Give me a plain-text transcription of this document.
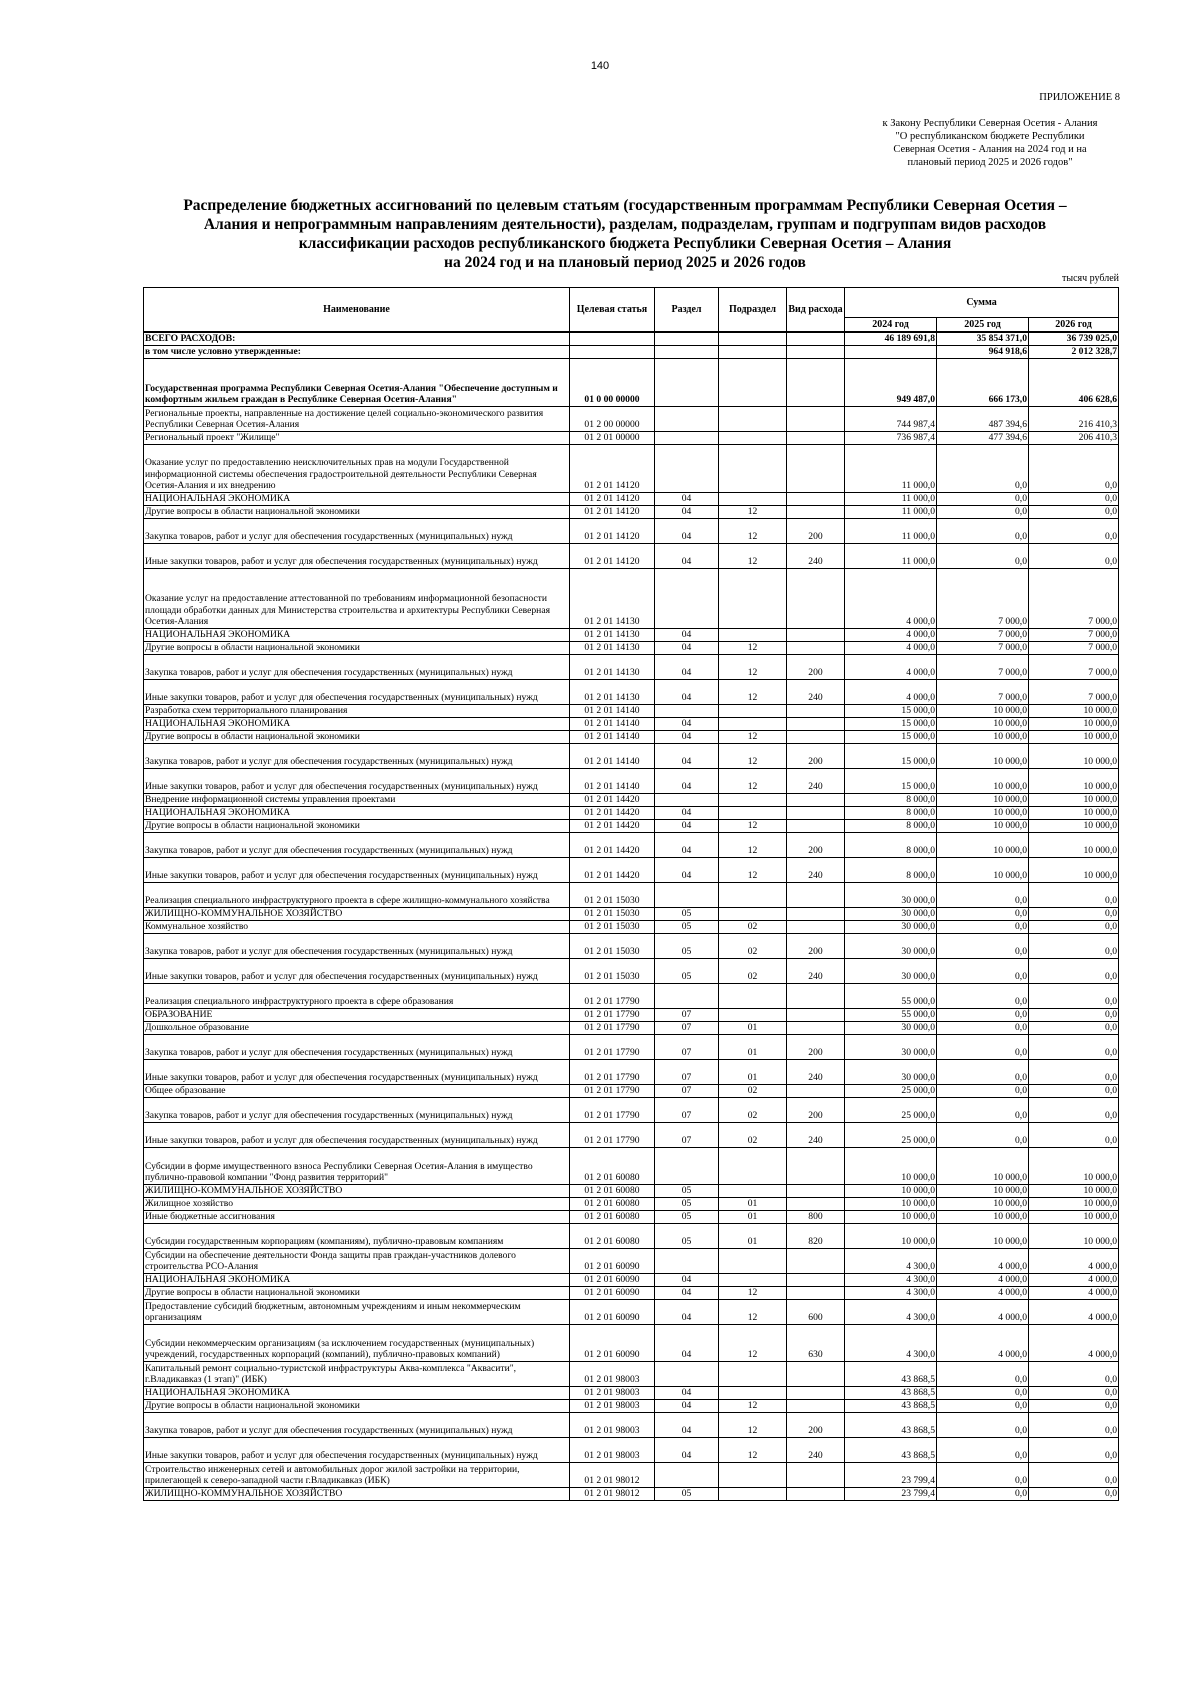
140
ПРИЛОЖЕНИЕ 8
к Закону Республики Северная Осетия - Алания
"О республиканском бюджете Республики
Северная Осетия - Алания на 2024 год и на
плановый период 2025 и 2026 годов"
Распределение бюджетных ассигнований по целевым статьям (государственным программам Республики Северная Осетия –
Алания и непрограммным направлениям деятельности), разделам, подразделам, группам и подгруппам видов расходов
классификации расходов республиканского бюджета Республики Северная Осетия – Алания
на 2024 год и на плановый период 2025 и 2026 годов
тысяч рублей
Наименование	Целевая статья	Раздел	Подраздел	Вид расхода	Сумма		
					2024 год	2025 год	2026 год
ВСЕГО РАСХОДОВ:					46 189 691,8	35 854 371,0	36 739 025,0
в том числе условно утвержденные:						964 918,6	2 012 328,7
Государственная программа Республики Северная Осетия-Алания "Обеспечение доступным и комфортным жильем граждан в Республике Северная Осетия-Алания"	01 0 00 00000				949 487,0	666 173,0	406 628,6
Региональные проекты, направленные на достижение целей социально-экономического развития Республики Северная Осетия-Алания	01 2 00 00000				744 987,4	487 394,6	216 410,3
Региональный проект "Жилище"	01 2 01 00000				736 987,4	477 394,6	206 410,3
Оказание услуг по предоставлению неисключительных прав на модули Государственной информационной системы обеспечения градостроительной деятельности Республики Северная Осетия-Алания и их внедрению	01 2 01 14120				11 000,0	0,0	0,0
НАЦИОНАЛЬНАЯ ЭКОНОМИКА	01 2 01 14120	04			11 000,0	0,0	0,0
Другие вопросы в области национальной экономики	01 2 01 14120	04	12		11 000,0	0,0	0,0
Закупка товаров, работ и услуг для обеспечения государственных (муниципальных) нужд	01 2 01 14120	04	12	200	11 000,0	0,0	0,0
Иные закупки товаров, работ и услуг для обеспечения государственных (муниципальных) нужд	01 2 01 14120	04	12	240	11 000,0	0,0	0,0
Оказание услуг на предоставление аттестованной по требованиям информационной безопасности площади обработки данных для Министерства строительства и архитектуры Республики Северная Осетия-Алания	01 2 01 14130				4 000,0	7 000,0	7 000,0
НАЦИОНАЛЬНАЯ ЭКОНОМИКА	01 2 01 14130	04			4 000,0	7 000,0	7 000,0
Другие вопросы в области национальной экономики	01 2 01 14130	04	12		4 000,0	7 000,0	7 000,0
Закупка товаров, работ и услуг для обеспечения государственных (муниципальных) нужд	01 2 01 14130	04	12	200	4 000,0	7 000,0	7 000,0
Иные закупки товаров, работ и услуг для обеспечения государственных (муниципальных) нужд	01 2 01 14130	04	12	240	4 000,0	7 000,0	7 000,0
Разработка схем территориального планирования	01 2 01 14140				15 000,0	10 000,0	10 000,0
НАЦИОНАЛЬНАЯ ЭКОНОМИКА	01 2 01 14140	04			15 000,0	10 000,0	10 000,0
Другие вопросы в области национальной экономики	01 2 01 14140	04	12		15 000,0	10 000,0	10 000,0
Закупка товаров, работ и услуг для обеспечения государственных (муниципальных) нужд	01 2 01 14140	04	12	200	15 000,0	10 000,0	10 000,0
Иные закупки товаров, работ и услуг для обеспечения государственных (муниципальных) нужд	01 2 01 14140	04	12	240	15 000,0	10 000,0	10 000,0
Внедрение информационной системы управления проектами	01 2 01 14420				8 000,0	10 000,0	10 000,0
НАЦИОНАЛЬНАЯ ЭКОНОМИКА	01 2 01 14420	04			8 000,0	10 000,0	10 000,0
Другие вопросы в области национальной экономики	01 2 01 14420	04	12		8 000,0	10 000,0	10 000,0
Закупка товаров, работ и услуг для обеспечения государственных (муниципальных) нужд	01 2 01 14420	04	12	200	8 000,0	10 000,0	10 000,0
Иные закупки товаров, работ и услуг для обеспечения государственных (муниципальных) нужд	01 2 01 14420	04	12	240	8 000,0	10 000,0	10 000,0
Реализация специального инфраструктурного проекта в сфере жилищно-коммунального хозяйства	01 2 01 15030				30 000,0	0,0	0,0
ЖИЛИЩНО-КОММУНАЛЬНОЕ ХОЗЯЙСТВО	01 2 01 15030	05			30 000,0	0,0	0,0
Коммунальное хозяйство	01 2 01 15030	05	02		30 000,0	0,0	0,0
Закупка товаров, работ и услуг для обеспечения государственных (муниципальных) нужд	01 2 01 15030	05	02	200	30 000,0	0,0	0,0
Иные закупки товаров, работ и услуг для обеспечения государственных (муниципальных) нужд	01 2 01 15030	05	02	240	30 000,0	0,0	0,0
Реализация специального инфраструктурного проекта в сфере образования	01 2 01 17790				55 000,0	0,0	0,0
ОБРАЗОВАНИЕ	01 2 01 17790	07			55 000,0	0,0	0,0
Дошкольное образование	01 2 01 17790	07	01		30 000,0	0,0	0,0
Закупка товаров, работ и услуг для обеспечения государственных (муниципальных) нужд	01 2 01 17790	07	01	200	30 000,0	0,0	0,0
Иные закупки товаров, работ и услуг для обеспечения государственных (муниципальных) нужд	01 2 01 17790	07	01	240	30 000,0	0,0	0,0
Общее образование	01 2 01 17790	07	02		25 000,0	0,0	0,0
Закупка товаров, работ и услуг для обеспечения государственных (муниципальных) нужд	01 2 01 17790	07	02	200	25 000,0	0,0	0,0
Иные закупки товаров, работ и услуг для обеспечения государственных (муниципальных) нужд	01 2 01 17790	07	02	240	25 000,0	0,0	0,0
Субсидии в форме имущественного взноса Республики Северная Осетия-Алания в имущество публично-правовой компании "Фонд развития территорий"	01 2 01 60080				10 000,0	10 000,0	10 000,0
ЖИЛИЩНО-КОММУНАЛЬНОЕ ХОЗЯЙСТВО	01 2 01 60080	05			10 000,0	10 000,0	10 000,0
Жилищное хозяйство	01 2 01 60080	05	01		10 000,0	10 000,0	10 000,0
Иные бюджетные ассигнования	01 2 01 60080	05	01	800	10 000,0	10 000,0	10 000,0
Субсидии государственным корпорациям (компаниям), публично-правовым компаниям	01 2 01 60080	05	01	820	10 000,0	10 000,0	10 000,0
Субсидии на обеспечение деятельности Фонда защиты прав граждан-участников долевого строительства РСО-Алания	01 2 01 60090				4 300,0	4 000,0	4 000,0
НАЦИОНАЛЬНАЯ ЭКОНОМИКА	01 2 01 60090	04			4 300,0	4 000,0	4 000,0
Другие вопросы в области национальной экономики	01 2 01 60090	04	12		4 300,0	4 000,0	4 000,0
Предоставление субсидий бюджетным, автономным учреждениям и иным некоммерческим организациям	01 2 01 60090	04	12	600	4 300,0	4 000,0	4 000,0
Субсидии некоммерческим организациям (за исключением государственных (муниципальных) учреждений, государственных корпораций (компаний), публично-правовых компаний)	01 2 01 60090	04	12	630	4 300,0	4 000,0	4 000,0
Капитальный ремонт социально-туристской инфраструктуры Аква-комплекса "Аквасити", г.Владикавказ (1 этап)" (ИБК)	01 2 01 98003				43 868,5	0,0	0,0
НАЦИОНАЛЬНАЯ ЭКОНОМИКА	01 2 01 98003	04			43 868,5	0,0	0,0
Другие вопросы в области национальной экономики	01 2 01 98003	04	12		43 868,5	0,0	0,0
Закупка товаров, работ и услуг для обеспечения государственных (муниципальных) нужд	01 2 01 98003	04	12	200	43 868,5	0,0	0,0
Иные закупки товаров, работ и услуг для обеспечения государственных (муниципальных) нужд	01 2 01 98003	04	12	240	43 868,5	0,0	0,0
Строительство инженерных сетей и автомобильных дорог жилой застройки на территории, прилегающей к северо-западной части г.Владикавказ (ИБК)	01 2 01 98012				23 799,4	0,0	0,0
ЖИЛИЩНО-КОММУНАЛЬНОЕ ХОЗЯЙСТВО	01 2 01 98012	05			23 799,4	0,0	0,0
